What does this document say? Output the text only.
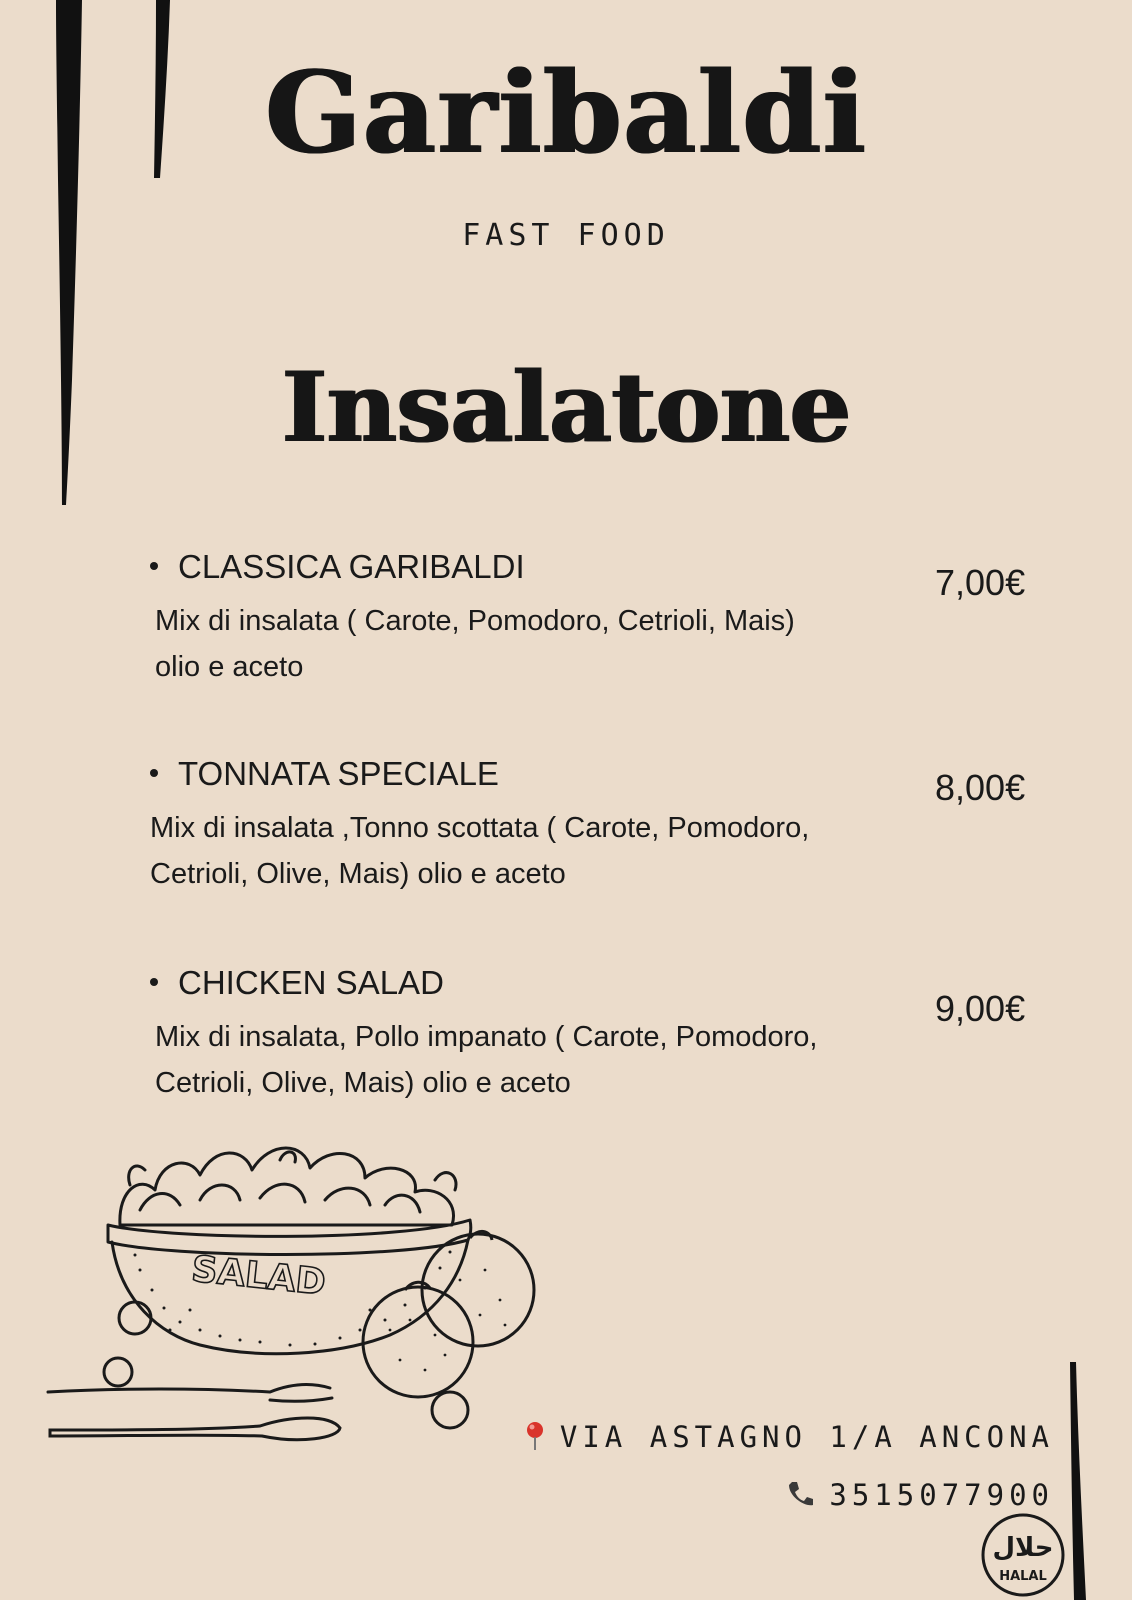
Garibaldi
FAST FOOD
Insalatone
CLASSICA GARIBALDI	7,00€
Mix di insalata ( Carote, Pomodoro, Cetrioli, Mais)
olio e aceto
TONNATA SPECIALE	8,00€
Mix di insalata ,Tonno scottata ( Carote, Pomodoro,
Cetrioli, Olive, Mais) olio e aceto
CHICKEN SALAD
9,00€
Mix di insalata, Pollo impanato ( Carote, Pomodoro,
Cetrioli, Olive, Mais) olio e aceto
SALAD
VIA ASTAGNO 1/A ANCONA
3515077900
حلال
HALAL
